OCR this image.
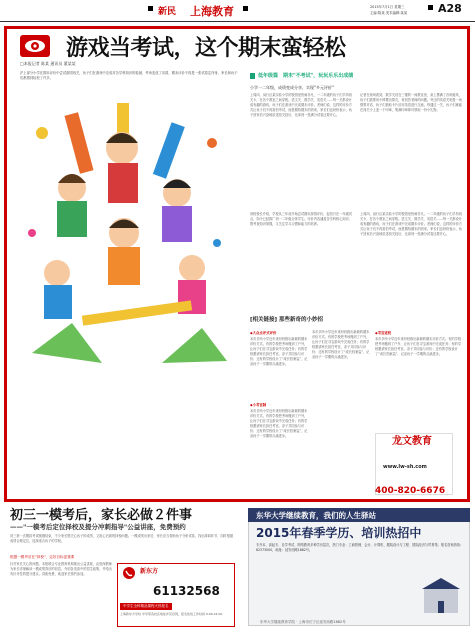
新民 上海教育	2015年7月1日 星期三
主编:陈某 美术编辑:某某	A28
游戏当考试，这个期末蛮轻松
□本报记者 陈某 通讯员 董某某
沪上部分小学在期末评价中尝试游园闯关，孩子们在游戏中完成对各学科知识的检测，考场变成了乐园，期末评价不再是一张试卷定终身，家长和孩子们都感到轻松了许多。	低年级篇　期末"不考试"，玩玩乐乐出成绩
小学一二年级，成绩变成分享，实现"多元评价"
上周四，闵行区某实验小学的校园里热闹非凡，一二年级的孩子们手持闯关卡，在各个教室之间穿梭。语文关、数学关、英语关……每一关都设计成有趣的游戏，孩子们在游戏中完成期末评价。老师们说，这样的评价方式让孩子们不再害怕考试，而是期待期末的到来。家长们也纷纷表示，孩子回家后兴奋地讲述闯关经历，比拿到一张满分试卷还要开心。
记者在现场看到，数学关设在三楼的一间教室里，桌上摆满了各种道具，孩子们需要用小棒摆出算式，再回答老师的问题。旁边的英语关则是一场情景对话，孩子们抽取卡片后用英语进行交流。每通过一关，孩子们就能在闯关卡上盖一个印章，集满印章即可领取一份小礼物。
该校校长介绍，学校从三年前开始尝试期末游园评价，起初只在一年级试点，如今已经推广到一二年级全体学生。评价内容涵盖各学科核心知识，既考查知识掌握，又关注学习习惯和能力的培养。
上周四，闵行区某实验小学的校园里热闹非凡，一二年级的孩子们手持闯关卡，在各个教室之间穿梭。语文关、数学关、英语关……每一关都设计成有趣的游戏，孩子们在游戏中完成期末评价。老师们说，这样的评价方式让孩子们不再害怕考试，而是期待期末的到来。家长们也纷纷表示，孩子回家后兴奋地讲述闯关经历，比拿到一张满分试卷还要开心。
[相关链接] 那些新奇的小妙招
◆大众点评式评价
本市多所小学近年来纷纷推出新颖的期末评价方式。有的学校把考场搬到了户外，让孩子们在寻宝游戏中完成任务；有的学校邀请家长担任考官，亲子共同参与评价；还有的学校设计了“成长档案袋”，记录孩子一学期的点滴进步。
◆小考官制
本市多所小学近年来纷纷推出新颖的期末评价方式。有的学校把考场搬到了户外，让孩子们在寻宝游戏中完成任务；有的学校邀请家长担任考官，亲子共同参与评价；还有的学校设计了“成长档案袋”，记录孩子一学期的点滴进步。
本市多所小学近年来纷纷推出新颖的期末评价方式。有的学校把考场搬到了户外，让孩子们在寻宝游戏中完成任务；有的学校邀请家长担任考官，亲子共同参与评价；还有的学校设计了“成长档案袋”，记录孩子一学期的点滴进步。
◆考官进校
本市多所小学近年来纷纷推出新颖的期末评价方式。有的学校把考场搬到了户外，让孩子们在寻宝游戏中完成任务；有的学校邀请家长担任考官，亲子共同参与评价；还有的学校设计了“成长档案袋”，记录孩子一学期的点滴进步。
龙文教育
www.lw-sh.com
400-820-6676
初三一模考后，家长必做２件事
——"一模考后定位择校及提分冲刺指导"公益讲座，免费预约
初三第一次模拟考试刚刚结束，不少家长既关心孩子的成绩，又担心后面的择校问题。一模成绩出来后，家长应当帮助孩子分析试卷，找出薄弱环节，同时根据成绩合理定位，选择适合孩子的学校。
根据一模考后在"择校"，定好目标更重要
针对家长关心的问题，本报联合专业教育机构推出公益讲座，由资深教师为家长详细解读一模成绩背后的信息，介绍各类高中的招生政策，并给出有针对性的提分建议。讲座免费，欢迎家长预约参加。	新东方
61132568
中学生全科精品课程火热报名
上海新东方学校 中学部各校区地址详见官网，报名热线工作时间 9:00-21:00
东华大学继续教育，我们的人生驿站
2015年春季学历、培训热招中
专升本、高起专、自学考试、网络教育多种学历层次，热门专业：工商管理、会计、计算机、服装设计与工程、国际经济与贸易等。报名咨询热线：62373000，地址：延安西路1882号。
东华大学继续教育学院 · 上海市长宁区延安西路1882号
